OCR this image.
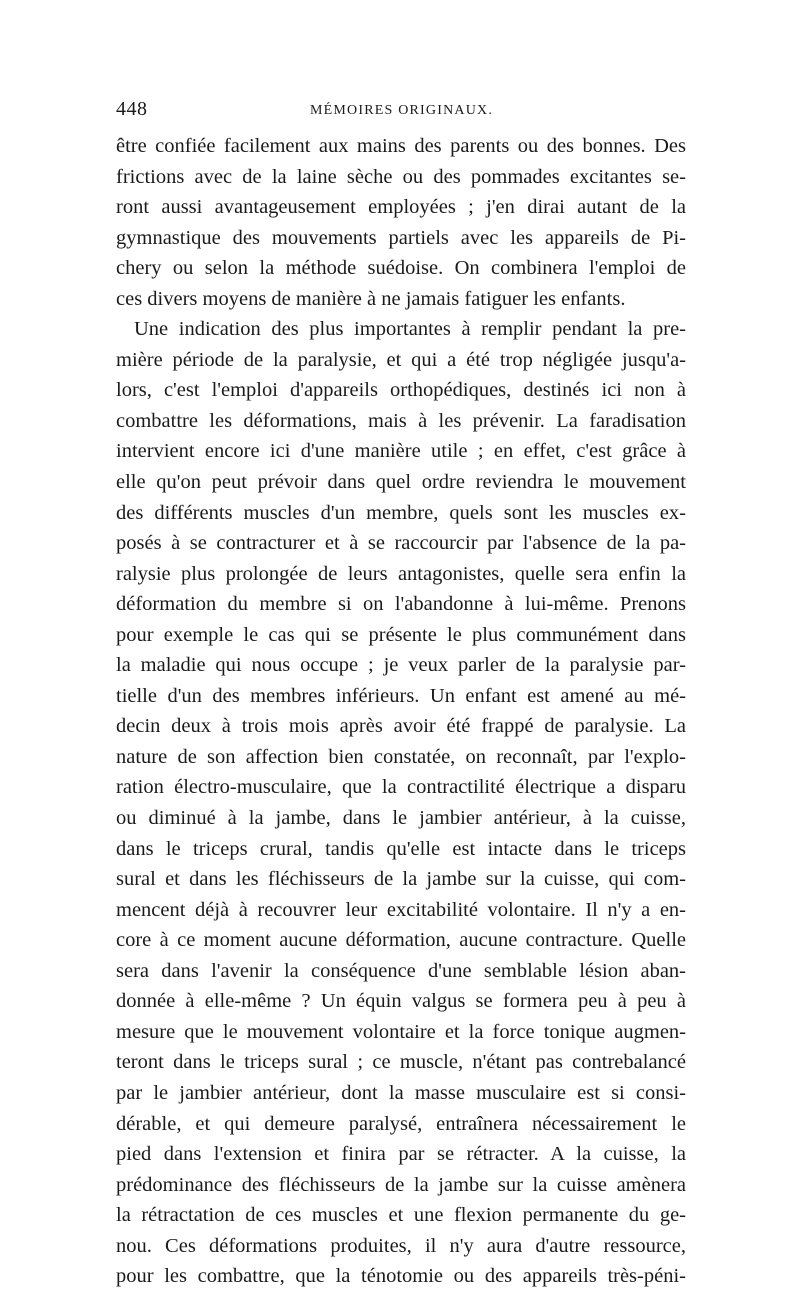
448	MÉMOIRES ORIGINAUX.
être confiée facilement aux mains des parents ou des bonnes. Des
frictions avec de la laine sèche ou des pommades excitantes se-
ront aussi avantageusement employées ; j'en dirai autant de la
gymnastique des mouvements partiels avec les appareils de Pi-
chery ou selon la méthode suédoise. On combinera l'emploi de
ces divers moyens de manière à ne jamais fatiguer les enfants.
Une indication des plus importantes à remplir pendant la pre-
mière période de la paralysie, et qui a été trop négligée jusqu'a-
lors, c'est l'emploi d'appareils orthopédiques, destinés ici non à
combattre les déformations, mais à les prévenir. La faradisation
intervient encore ici d'une manière utile ; en effet, c'est grâce à
elle qu'on peut prévoir dans quel ordre reviendra le mouvement
des différents muscles d'un membre, quels sont les muscles ex-
posés à se contracturer et à se raccourcir par l'absence de la pa-
ralysie plus prolongée de leurs antagonistes, quelle sera enfin la
déformation du membre si on l'abandonne à lui-même. Prenons
pour exemple le cas qui se présente le plus communément dans
la maladie qui nous occupe ; je veux parler de la paralysie par-
tielle d'un des membres inférieurs. Un enfant est amené au mé-
decin deux à trois mois après avoir été frappé de paralysie. La
nature de son affection bien constatée, on reconnaît, par l'explo-
ration électro-musculaire, que la contractilité électrique a disparu
ou diminué à la jambe, dans le jambier antérieur, à la cuisse,
dans le triceps crural, tandis qu'elle est intacte dans le triceps
sural et dans les fléchisseurs de la jambe sur la cuisse, qui com-
mencent déjà à recouvrer leur excitabilité volontaire. Il n'y a en-
core à ce moment aucune déformation, aucune contracture. Quelle
sera dans l'avenir la conséquence d'une semblable lésion aban-
donnée à elle-même ? Un équin valgus se formera peu à peu à
mesure que le mouvement volontaire et la force tonique augmen-
teront dans le triceps sural ; ce muscle, n'étant pas contrebalancé
par le jambier antérieur, dont la masse musculaire est si consi-
dérable, et qui demeure paralysé, entraînera nécessairement le
pied dans l'extension et finira par se rétracter. A la cuisse, la
prédominance des fléchisseurs de la jambe sur la cuisse amènera
la rétractation de ces muscles et une flexion permanente du ge-
nou. Ces déformations produites, il n'y aura d'autre ressource,
pour les combattre, que la ténotomie ou des appareils très-péni-
